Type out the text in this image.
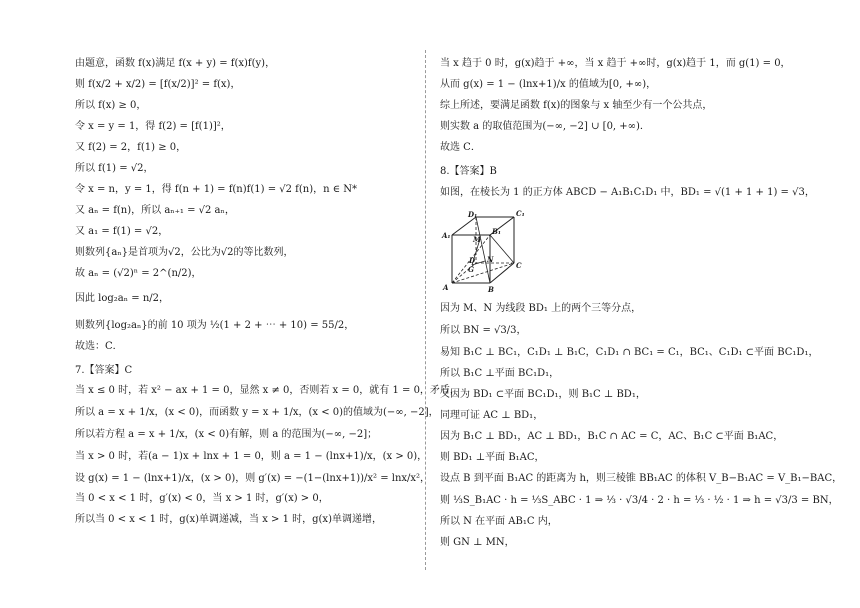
由题意，函数 f(x)满足 f(x + y) = f(x)f(y)，
则 f(x/2 + x/2) = [f(x/2)]² = f(x)，
所以 f(x) ≥ 0，
令 x = y = 1，得 f(2) = [f(1)]²，
又 f(2) = 2，f(1) ≥ 0，
所以 f(1) = √2，
令 x = n，y = 1，得 f(n + 1) = f(n)f(1) = √2 f(n)，n ∈ N*
又 aₙ = f(n)，所以 aₙ₊₁ = √2 aₙ，
又 a₁ = f(1) = √2，
则数列{aₙ}是首项为√2，公比为√2的等比数列，
故 aₙ = (√2)ⁿ = 2^(n/2)，
因此 log₂aₙ = n/2，
则数列{log₂aₙ}的前 10 项为 ½(1 + 2 + ⋯ + 10) = 55/2，
故选：C．
7.【答案】C
当 x ≤ 0 时，若 x² − ax + 1 = 0，显然 x ≠ 0，否则若 x = 0，就有 1 = 0，矛盾，
所以 a = x + 1/x，(x < 0)，而函数 y = x + 1/x，(x < 0)的值域为(−∞, −2]，
所以若方程 a = x + 1/x，(x < 0)有解，则 a 的范围为(−∞, −2]；
当 x > 0 时，若(a − 1)x + lnx + 1 = 0，则 a = 1 − (lnx+1)/x，(x > 0)，
设 g(x) = 1 − (lnx+1)/x，(x > 0)，则 g′(x) = −(1−(lnx+1))/x² = lnx/x²，
当 0 < x < 1 时，g′(x) < 0，当 x > 1 时，g′(x) > 0，
所以当 0 < x < 1 时，g(x)单调递减，当 x > 1 时，g(x)单调递增，
当 x 趋于 0 时，g(x)趋于 +∞，当 x 趋于 +∞时，g(x)趋于 1，而 g(1) = 0，
从而 g(x) = 1 − (lnx+1)/x 的值域为[0, +∞)，
综上所述，要满足函数 f(x)的图象与 x 轴至少有一个公共点，
则实数 a 的取值范围为(−∞, −2] ∪ [0, +∞)．
故选 C．
8.【答案】B
如图，在棱长为 1 的正方体 ABCD − A₁B₁C₁D₁ 中，BD₁ = √(1 + 1 + 1) = √3，
D₁	C₁
A₁	B₁
M
N
G
D
C
A	B
因为 M、N 为线段 BD₁ 上的两个三等分点，
所以 BN = √3/3，
易知 B₁C ⊥ BC₁，C₁D₁ ⊥ B₁C，C₁D₁ ∩ BC₁ = C₁，BC₁、C₁D₁ ⊂平面 BC₁D₁，
所以 B₁C ⊥平面 BC₁D₁，
又因为 BD₁ ⊂平面 BC₁D₁，则 B₁C ⊥ BD₁，
同理可证 AC ⊥ BD₁，
因为 B₁C ⊥ BD₁，AC ⊥ BD₁，B₁C ∩ AC = C，AC、B₁C ⊂平面 B₁AC，
则 BD₁ ⊥平面 B₁AC，
设点 B 到平面 B₁AC 的距离为 h，则三棱锥 BB₁AC 的体积 V_B−B₁AC = V_B₁−BAC，
则 ⅓S_B₁AC · h = ⅓S_ABC · 1 ⇒ ⅓ · √3/4 · 2 · h = ⅓ · ½ · 1 ⇒ h = √3/3 = BN，
所以 N 在平面 AB₁C 内，
则 GN ⊥ MN，
